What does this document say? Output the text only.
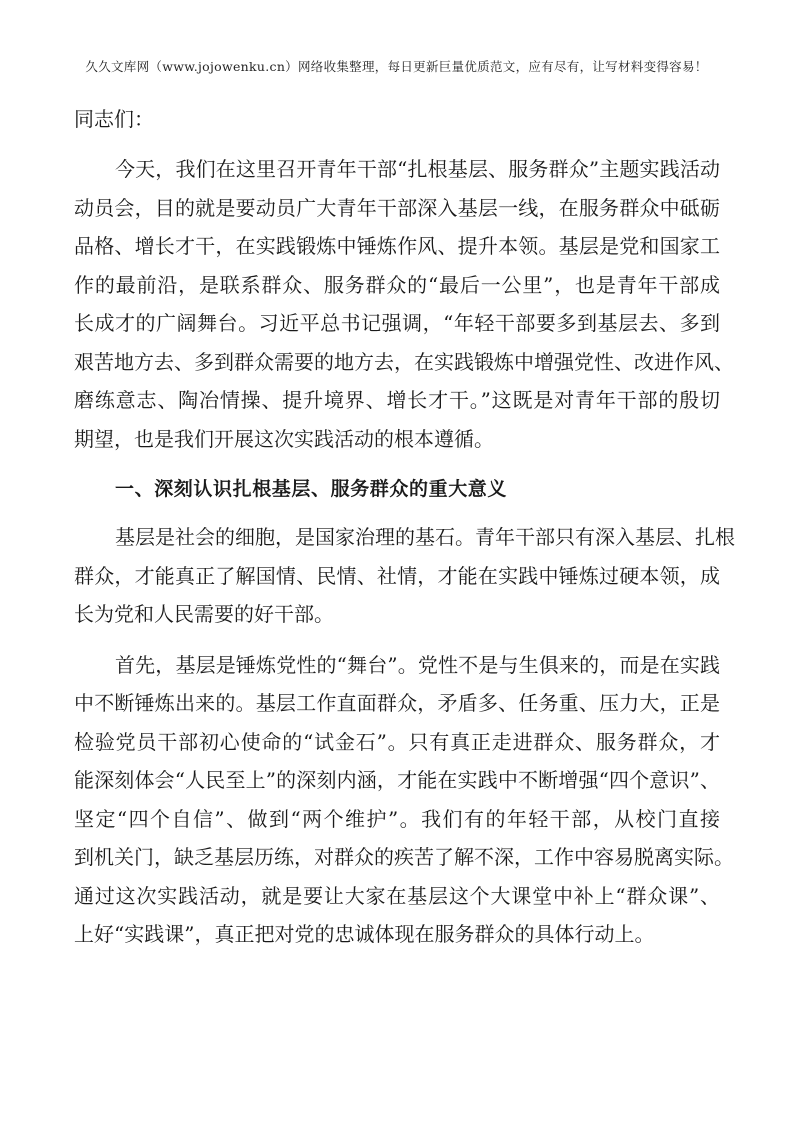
久久文库网（www.jojowenku.cn）网络收集整理，每日更新巨量优质范文，应有尽有，让写材料变得容易！
同志们：
今天，我们在这里召开青年干部“扎根基层、服务群众”主题实践活动
动员会，目的就是要动员广大青年干部深入基层一线，在服务群众中砥砺
品格、增长才干，在实践锻炼中锤炼作风、提升本领。基层是党和国家工
作的最前沿，是联系群众、服务群众的“最后一公里”，也是青年干部成
长成才的广阔舞台。习近平总书记强调，“年轻干部要多到基层去、多到
艰苦地方去、多到群众需要的地方去，在实践锻炼中增强党性、改进作风、
磨练意志、陶冶情操、提升境界、增长才干。”这既是对青年干部的殷切
期望，也是我们开展这次实践活动的根本遵循。
一、深刻认识扎根基层、服务群众的重大意义
基层是社会的细胞，是国家治理的基石。青年干部只有深入基层、扎根
群众，才能真正了解国情、民情、社情，才能在实践中锤炼过硬本领，成
长为党和人民需要的好干部。
首先，基层是锤炼党性的“舞台”。党性不是与生俱来的，而是在实践
中不断锤炼出来的。基层工作直面群众，矛盾多、任务重、压力大，正是
检验党员干部初心使命的“试金石”。只有真正走进群众、服务群众，才
能深刻体会“人民至上”的深刻内涵，才能在实践中不断增强“四个意识”、
坚定“四个自信”、做到“两个维护”。我们有的年轻干部，从校门直接
到机关门，缺乏基层历练，对群众的疾苦了解不深，工作中容易脱离实际。
通过这次实践活动，就是要让大家在基层这个大课堂中补上“群众课”、
上好“实践课”，真正把对党的忠诚体现在服务群众的具体行动上。
